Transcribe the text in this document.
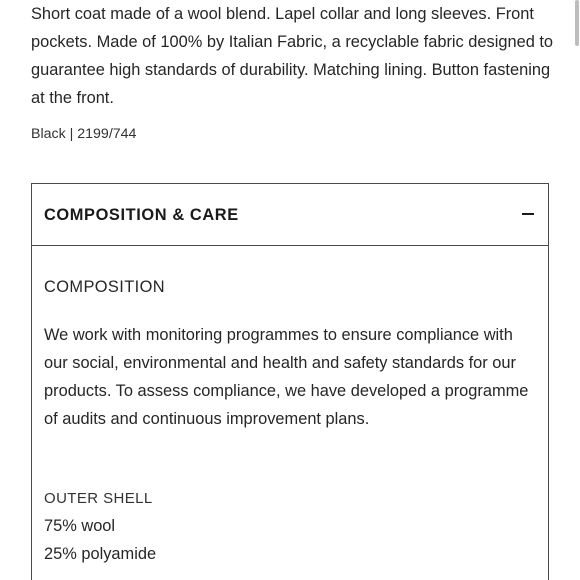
Short coat made of a wool blend. Lapel collar and long sleeves. Front pockets. Made of 100% by Italian Fabric, a recyclable fabric designed to guarantee high standards of durability. Matching lining. Button fastening at the front.

Black | 2199/744

COMPOSITION & CARE
COMPOSITION

We work with monitoring programmes to ensure compliance with our social, environmental and health and safety standards for our products. To assess compliance, we have developed a programme of audits and continuous improvement plans.

OUTER SHELL
75% wool
25% polyamide
